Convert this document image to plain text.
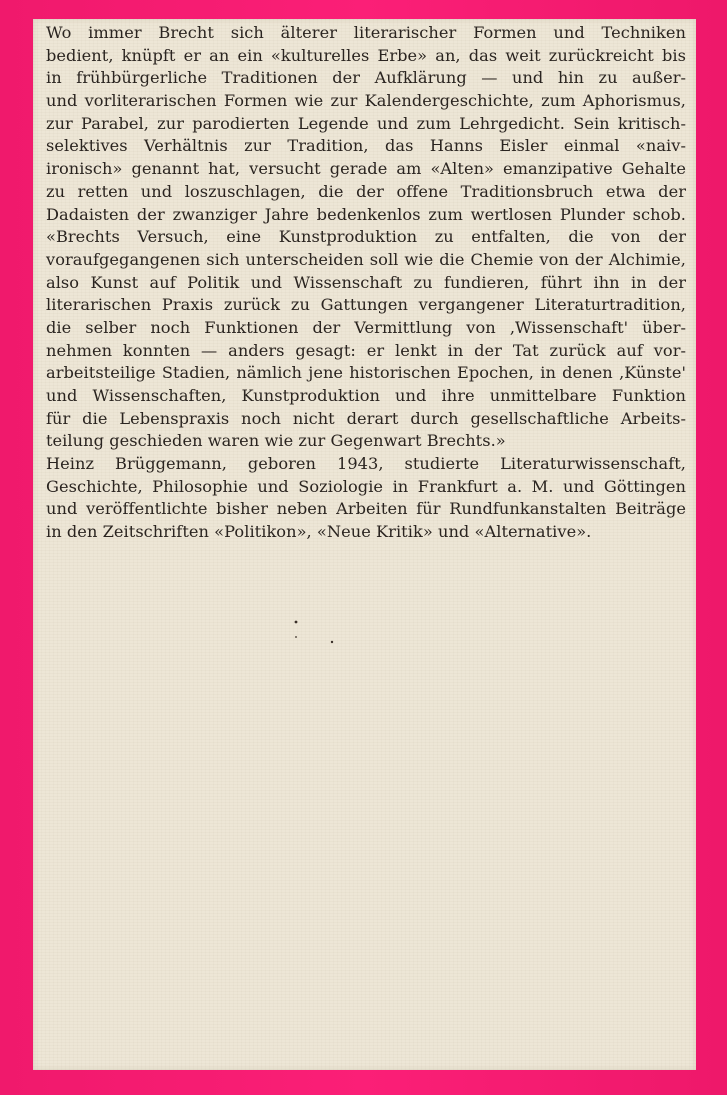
Wo immer Brecht sich älterer literarischer Formen und Techniken
bedient, knüpft er an ein «kulturelles Erbe» an, das weit zurückreicht bis
in frühbürgerliche Traditionen der Aufklärung — und hin zu außer-
und vorliterarischen Formen wie zur Kalendergeschichte, zum Aphorismus,
zur Parabel, zur parodierten Legende und zum Lehrgedicht. Sein kritisch-
selektives Verhältnis zur Tradition, das Hanns Eisler einmal «naiv-
ironisch» genannt hat, versucht gerade am «Alten» emanzipative Gehalte
zu retten und loszuschlagen, die der offene Traditionsbruch etwa der
Dadaisten der zwanziger Jahre bedenkenlos zum wertlosen Plunder schob.
«Brechts Versuch, eine Kunstproduktion zu entfalten, die von der
voraufgegangenen sich unterscheiden soll wie die Chemie von der Alchimie,
also Kunst auf Politik und Wissenschaft zu fundieren, führt ihn in der
literarischen Praxis zurück zu Gattungen vergangener Literaturtradition,
die selber noch Funktionen der Vermittlung von ‚Wissenschaft' über-
nehmen konnten — anders gesagt: er lenkt in der Tat zurück auf vor-
arbeitsteilige Stadien, nämlich jene historischen Epochen, in denen ‚Künste'
und Wissenschaften, Kunstproduktion und ihre unmittelbare Funktion
für die Lebenspraxis noch nicht derart durch gesellschaftliche Arbeits-
teilung geschieden waren wie zur Gegenwart Brechts.»
Heinz Brüggemann, geboren 1943, studierte Literaturwissenschaft,
Geschichte, Philosophie und Soziologie in Frankfurt a. M. und Göttingen
und veröffentlichte bisher neben Arbeiten für Rundfunkanstalten Beiträge
in den Zeitschriften «Politikon», «Neue Kritik» und «Alternative».
